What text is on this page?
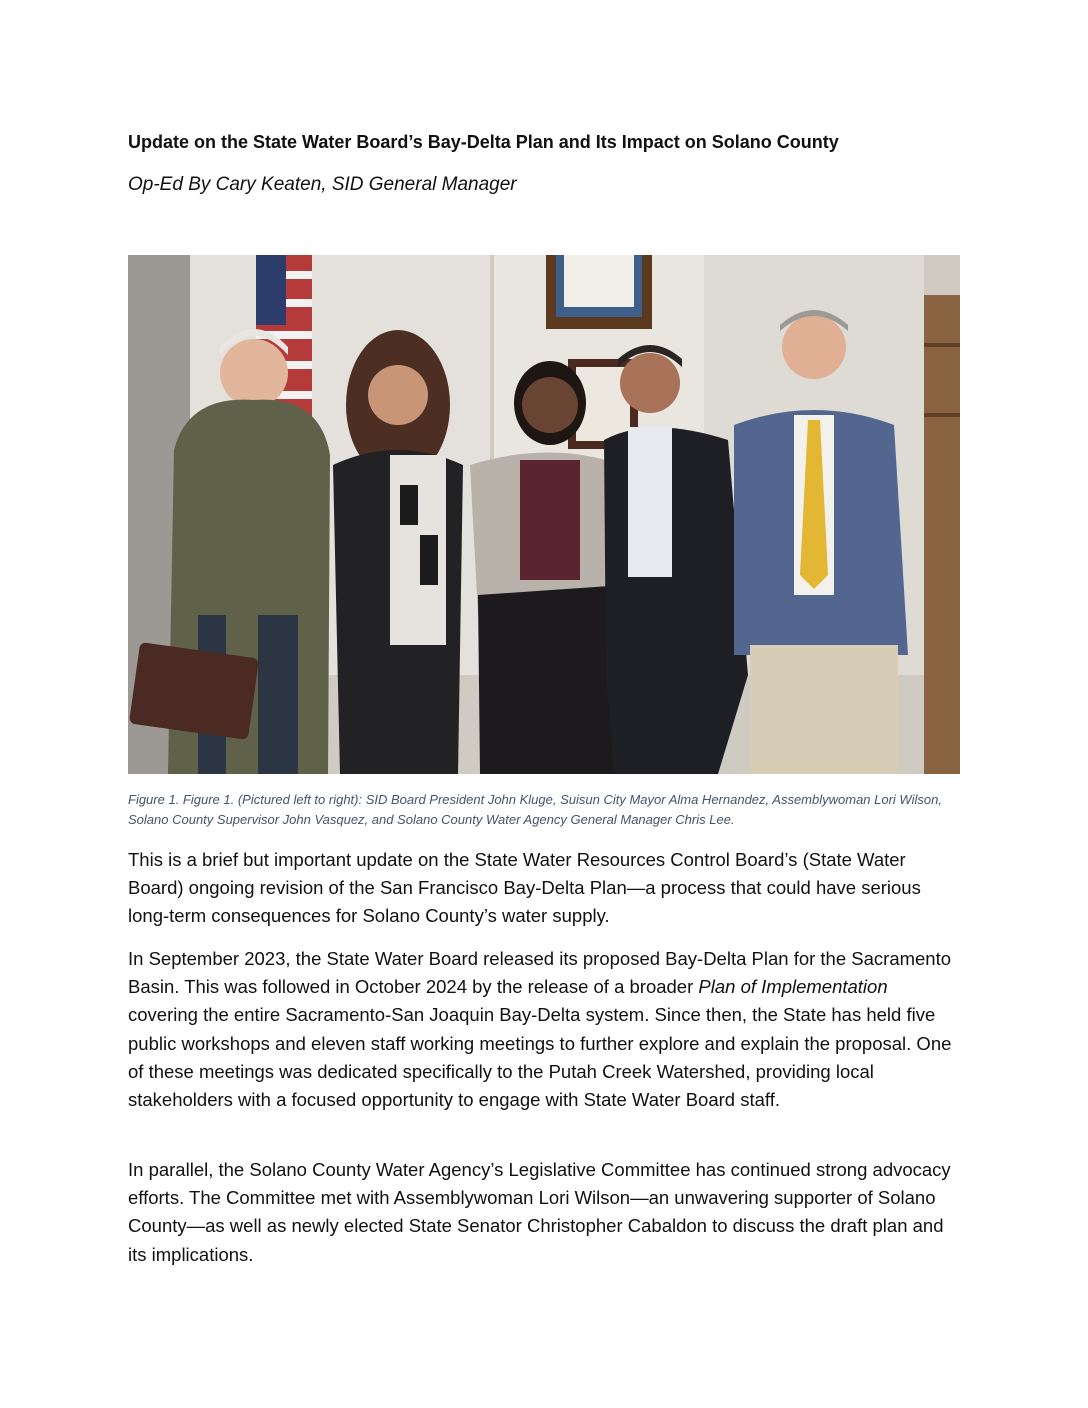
Update on the State Water Board’s Bay-Delta Plan and Its Impact on Solano County

Op-Ed By Cary Keaten, SID General Manager

Figure 1. Figure 1. (Pictured left to right): SID Board President John Kluge, Suisun City Mayor Alma Hernandez, Assemblywoman Lori Wilson, Solano County Supervisor John Vasquez, and Solano County Water Agency General Manager Chris Lee.

This is a brief but important update on the State Water Resources Control Board’s (State Water Board) ongoing revision of the San Francisco Bay-Delta Plan—a process that could have serious long-term consequences for Solano County’s water supply.

In September 2023, the State Water Board released its proposed Bay-Delta Plan for the Sacramento Basin. This was followed in October 2024 by the release of a broader Plan of Implementation covering the entire Sacramento-San Joaquin Bay-Delta system. Since then, the State has held five public workshops and eleven staff working meetings to further explore and explain the proposal. One of these meetings was dedicated specifically to the Putah Creek Watershed, providing local stakeholders with a focused opportunity to engage with State Water Board staff.

In parallel, the Solano County Water Agency’s Legislative Committee has continued strong advocacy efforts. The Committee met with Assemblywoman Lori Wilson—an unwavering supporter of Solano County—as well as newly elected State Senator Christopher Cabaldon to discuss the draft plan and its implications.
